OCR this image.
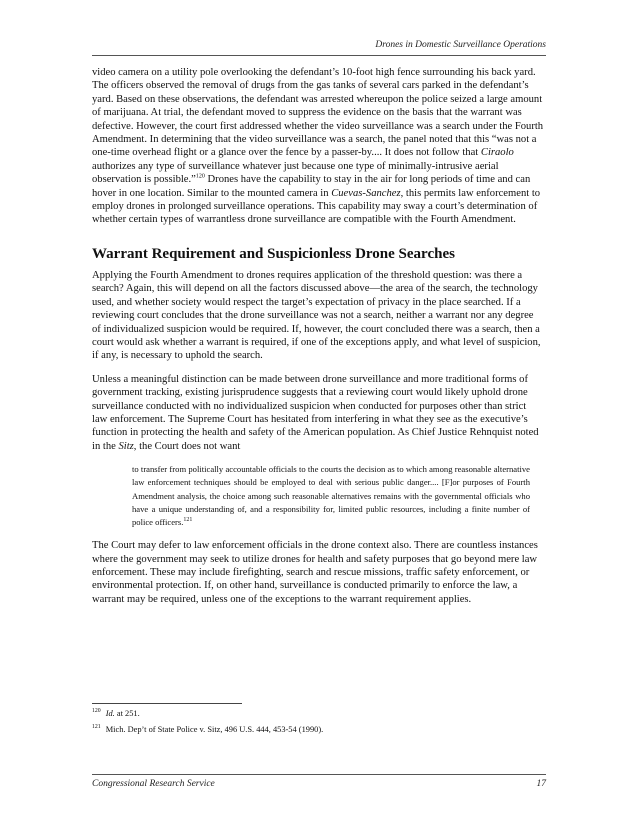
Drones in Domestic Surveillance Operations

video camera on a utility pole overlooking the defendant’s 10-foot high fence surrounding his back yard. The officers observed the removal of drugs from the gas tanks of several cars parked in the defendant’s yard. Based on these observations, the defendant was arrested whereupon the police seized a large amount of marijuana. At trial, the defendant moved to suppress the evidence on the basis that the warrant was defective. However, the court first addressed whether the video surveillance was a search under the Fourth Amendment. In determining that the video surveillance was a search, the panel noted that this “was not a one-time overhead flight or a glance over the fence by a passer-by.... It does not follow that Ciraolo authorizes any type of surveillance whatever just because one type of minimally-intrusive aerial observation is possible.”$^{120}$ Drones have the capability to stay in the air for long periods of time and can hover in one location. Similar to the mounted camera in Cuevas-Sanchez, this permits law enforcement to employ drones in prolonged surveillance operations. This capability may sway a court’s determination of whether certain types of warrantless drone surveillance are compatible with the Fourth Amendment.

Warrant Requirement and Suspicionless Drone Searches

Applying the Fourth Amendment to drones requires application of the threshold question: was there a search? Again, this will depend on all the factors discussed above—the area of the search, the technology used, and whether society would respect the target’s expectation of privacy in the place searched. If a reviewing court concludes that the drone surveillance was not a search, neither a warrant nor any degree of individualized suspicion would be required. If, however, the court concluded there was a search, then a court would ask whether a warrant is required, if one of the exceptions apply, and what level of suspicion, if any, is necessary to uphold the search.

Unless a meaningful distinction can be made between drone surveillance and more traditional forms of government tracking, existing jurisprudence suggests that a reviewing court would likely uphold drone surveillance conducted with no individualized suspicion when conducted for purposes other than strict law enforcement. The Supreme Court has hesitated from interfering in what they see as the executive’s function in protecting the health and safety of the American population. As Chief Justice Rehnquist noted in the Sitz, the Court does not want

to transfer from politically accountable officials to the courts the decision as to which among reasonable alternative law enforcement techniques should be employed to deal with serious public danger.... [F]or purposes of Fourth Amendment analysis, the choice among such reasonable alternatives remains with the governmental officials who have a unique understanding of, and a responsibility for, limited public resources, including a finite number of police officers.$^{121}$

The Court may defer to law enforcement officials in the drone context also. There are countless instances where the government may seek to utilize drones for health and safety purposes that go beyond mere law enforcement. These may include firefighting, search and rescue missions, traffic safety enforcement, or environmental protection. If, on other hand, surveillance is conducted primarily to enforce the law, a warrant may be required, unless one of the exceptions to the warrant requirement applies.

$^{120}$ Id. at 251.
$^{121}$ Mich. Dep’t of State Police v. Sitz, 496 U.S. 444, 453-54 (1990).
Congressional Research Service	17
